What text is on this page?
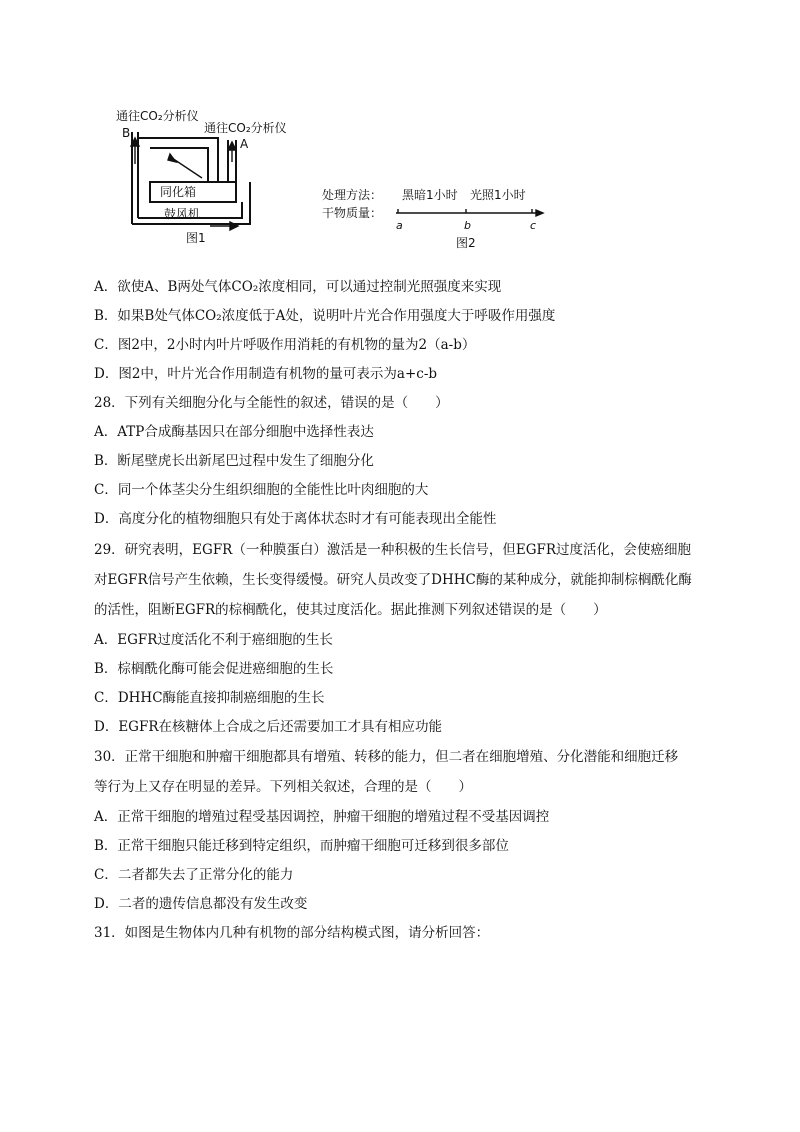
通往CO₂分析仪
B	通往CO₂分析仪
A
同化箱
鼓风机
图1
处理方法： 黑暗1小时 光照1小时
干物质量：
a	b	c
图2
A．欲使A、B两处气体CO₂浓度相同，可以通过控制光照强度来实现
B．如果B处气体CO₂浓度低于A处，说明叶片光合作用强度大于呼吸作用强度
C．图2中，2小时内叶片呼吸作用消耗的有机物的量为2（a-b）
D．图2中，叶片光合作用制造有机物的量可表示为a+c-b
28．下列有关细胞分化与全能性的叙述，错误的是（　　）
A．ATP合成酶基因只在部分细胞中选择性表达
B．断尾壁虎长出新尾巴过程中发生了细胞分化
C．同一个体茎尖分生组织细胞的全能性比叶肉细胞的大
D．高度分化的植物细胞只有处于离体状态时才有可能表现出全能性
29．研究表明，EGFR（一种膜蛋白）激活是一种积极的生长信号，但EGFR过度活化，会使癌细胞
对EGFR信号产生依赖，生长变得缓慢。研究人员改变了DHHC酶的某种成分，就能抑制棕榈酰化酶
的活性，阻断EGFR的棕榈酰化，使其过度活化。据此推测下列叙述错误的是（　　）
A．EGFR过度活化不利于癌细胞的生长
B．棕榈酰化酶可能会促进癌细胞的生长
C．DHHC酶能直接抑制癌细胞的生长
D．EGFR在核糖体上合成之后还需要加工才具有相应功能
30．正常干细胞和肿瘤干细胞都具有增殖、转移的能力，但二者在细胞增殖、分化潜能和细胞迁移
等行为上又存在明显的差异。下列相关叙述，合理的是（　　）
A．正常干细胞的增殖过程受基因调控，肿瘤干细胞的增殖过程不受基因调控
B．正常干细胞只能迁移到特定组织，而肿瘤干细胞可迁移到很多部位
C．二者都失去了正常分化的能力
D．二者的遗传信息都没有发生改变
31．如图是生物体内几种有机物的部分结构模式图，请分析回答：
